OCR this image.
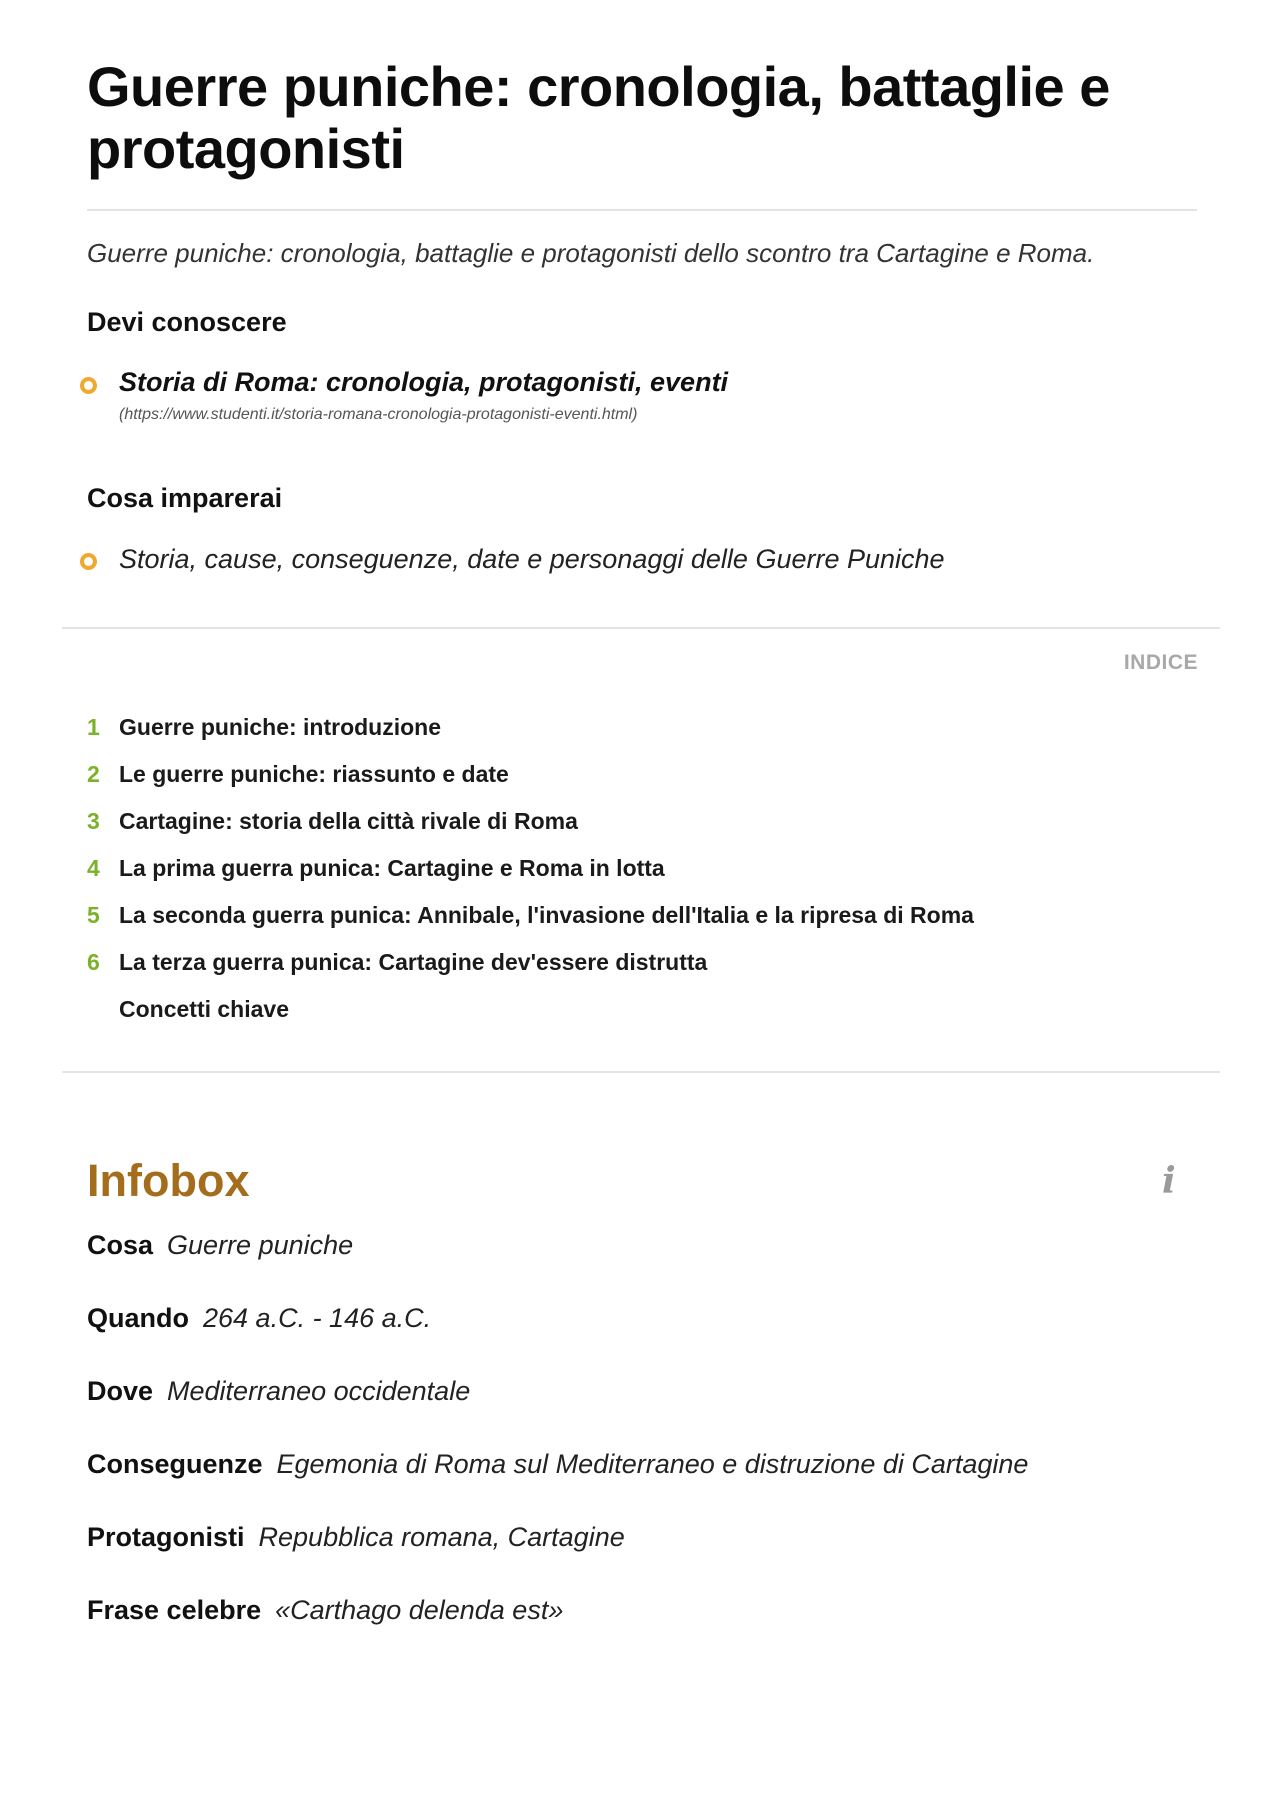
Guerre puniche: cronologia, battaglie e protagonisti

Guerre puniche: cronologia, battaglie e protagonisti dello scontro tra Cartagine e Roma.

Devi conoscere
Storia di Roma: cronologia, protagonisti, eventi
(https://www.studenti.it/storia-romana-cronologia-protagonisti-eventi.html)
Cosa imparerai
Storia, cause, conseguenze, date e personaggi delle Guerre Puniche
INDICE
1 Guerre puniche: introduzione
2 Le guerre puniche: riassunto e date
3 Cartagine: storia della città rivale di Roma
4 La prima guerra punica: Cartagine e Roma in lotta
5 La seconda guerra punica: Annibale, l'invasione dell'Italia e la ripresa di Roma
6 La terza guerra punica: Cartagine dev'essere distrutta
Concetti chiave
Infobox	i
Cosa Guerre puniche
Quando 264 a.C. - 146 a.C.
Dove Mediterraneo occidentale
Conseguenze Egemonia di Roma sul Mediterraneo e distruzione di Cartagine
Protagonisti Repubblica romana, Cartagine
Frase celebre «Carthago delenda est»
